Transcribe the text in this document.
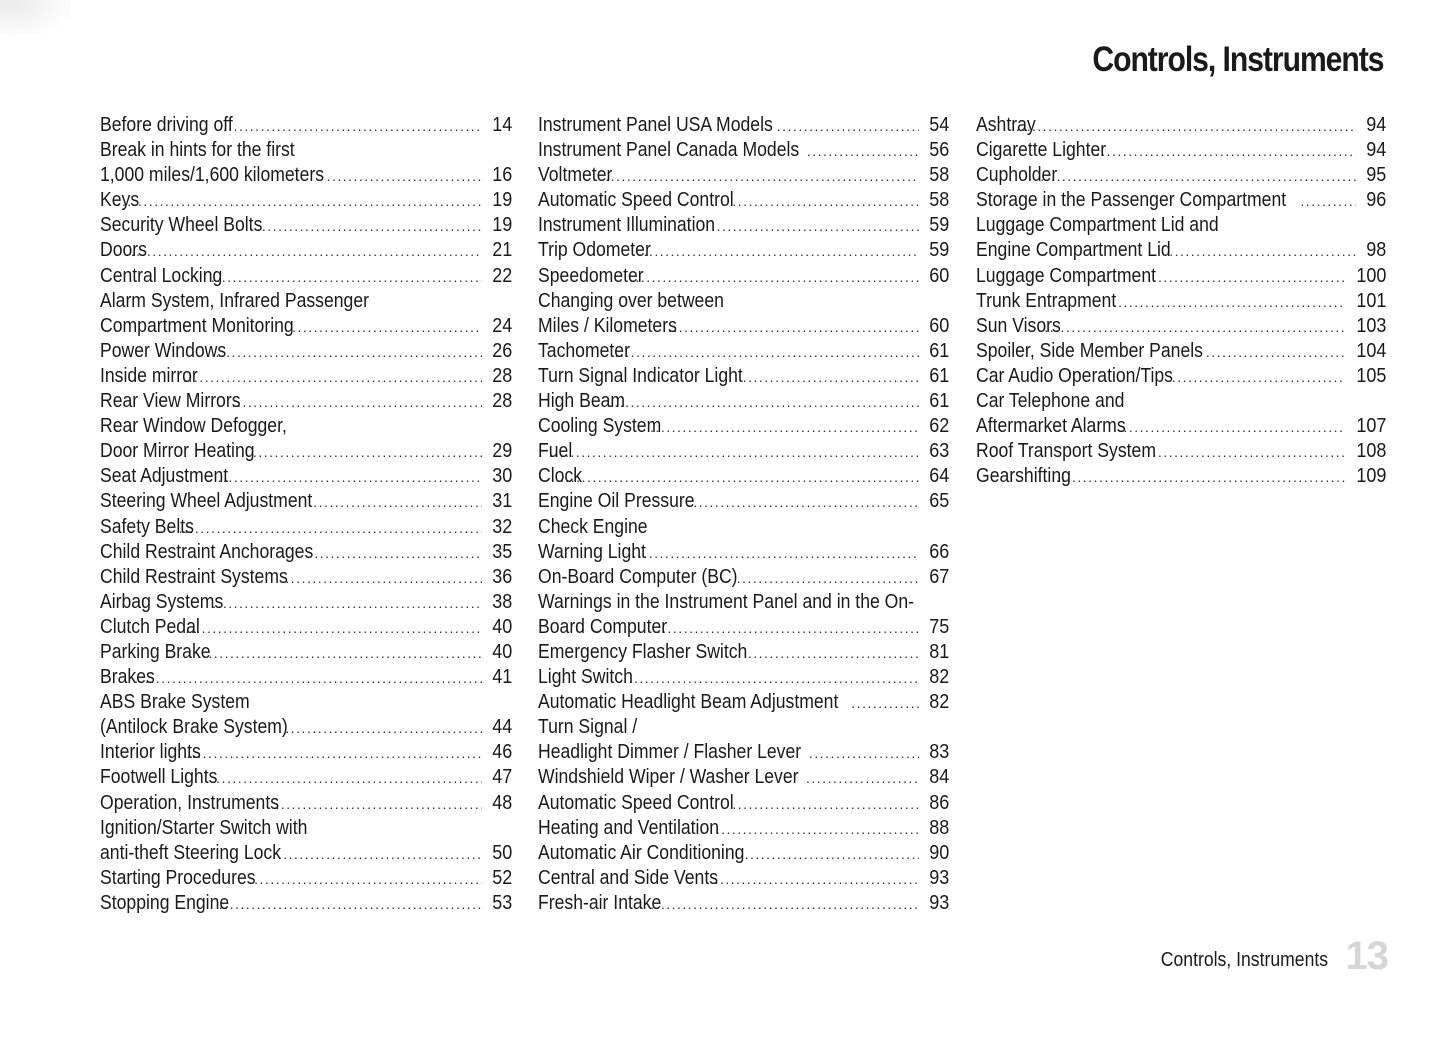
Controls, Instruments
Before driving off .....	14
Break in hints for the first
1,000 miles/1,600 kilometers .....	16
Keys .....	19
Security Wheel Bolts .....	19
Doors .....	21
Central Locking .....	22
Alarm System, Infrared Passenger
Compartment Monitoring .....	24
Power Windows .....	26
Inside mirror .....	28
Rear View Mirrors .....	28
Rear Window Defogger,
Door Mirror Heating .....	29
Seat Adjustment .....	30
Steering Wheel Adjustment .....	31
Safety Belts .....	32
Child Restraint Anchorages .....	35
Child Restraint Systems .....	36
Airbag Systems .....	38
Clutch Pedal .....	40
Parking Brake .....	40
Brakes .....	41
ABS Brake System
(Antilock Brake System) .....	44
Interior lights .....	46
Footwell Lights .....	47
Operation, Instruments .....	48
Ignition/Starter Switch with
anti-theft Steering Lock .....	50
Starting Procedures .....	52
Stopping Engine .....	53
Instrument Panel USA Models .....	54
Instrument Panel Canada Models .....	56
Voltmeter .....	58
Automatic Speed Control .....	58
Instrument Illumination .....	59
Trip Odometer .....	59
Speedometer .....	60
Changing over between
Miles / Kilometers .....	60
Tachometer .....	61
Turn Signal Indicator Light .....	61
High Beam .....	61
Cooling System .....	62
Fuel .....	63
Clock .....	64
Engine Oil Pressure .....	65
Check Engine
Warning Light .....	66
On-Board Computer (BC) .....	67
Warnings in the Instrument Panel and in the On-
Board Computer .....	75
Emergency Flasher Switch .....	81
Light Switch .....	82
Automatic Headlight Beam Adjustment .....	82
Turn Signal /
Headlight Dimmer / Flasher Lever .....	83
Windshield Wiper / Washer Lever .....	84
Automatic Speed Control .....	86
Heating and Ventilation .....	88
Automatic Air Conditioning .....	90
Central and Side Vents .....	93
Fresh-air Intake .....	93
Ashtray .....	94
Cigarette Lighter .....	94
Cupholder .....	95
Storage in the Passenger Compartment .....	96
Luggage Compartment Lid and
Engine Compartment Lid .....	98
Luggage Compartment .....	100
Trunk Entrapment .....	101
Sun Visors .....	103
Spoiler, Side Member Panels .....	104
Car Audio Operation/Tips .....	105
Car Telephone and
Aftermarket Alarms .....	107
Roof Transport System .....	108
Gearshifting .....	109
Controls, Instruments 13
